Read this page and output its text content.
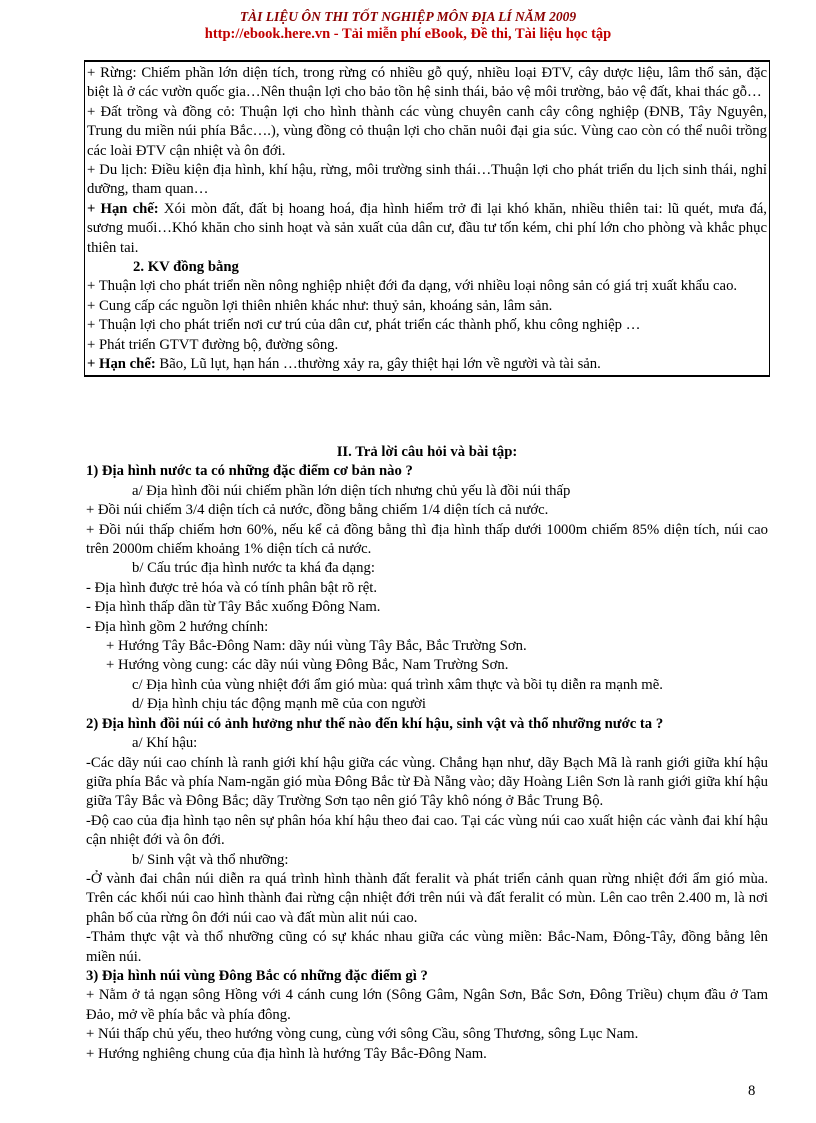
TÀI LIỆU ÔN THI TỐT NGHIỆP MÔN ĐỊA LÍ NĂM 2009
http://ebook.here.vn - Tải miễn phí eBook, Đề thi, Tài liệu học tập

+ Rừng: Chiếm phần lớn diện tích, trong rừng có nhiều gỗ quý, nhiều loại ĐTV, cây dược liệu, lâm thổ sản, đặc biệt là ở các vườn quốc gia…Nên thuận lợi cho bảo tồn hệ sinh thái, bảo vệ môi trường, bảo vệ đất, khai thác gỗ…

+ Đất trồng và đồng cỏ: Thuận lợi cho hình thành các vùng chuyên canh cây công nghiệp (ĐNB, Tây Nguyên, Trung du miền núi phía Bắc….), vùng đồng cỏ thuận lợi cho chăn nuôi đại gia súc. Vùng cao còn có thể nuôi trồng các loài ĐTV cận nhiệt và ôn đới.

+ Du lịch: Điều kiện địa hình, khí hậu, rừng, môi trường sinh thái…Thuận lợi cho phát triển du lịch sinh thái, nghỉ dưỡng, tham quan…

+ Hạn chế: Xói mòn đất, đất bị hoang hoá, địa hình hiểm trở đi lại khó khăn, nhiều thiên tai: lũ quét, mưa đá, sương muối…Khó khăn cho sinh hoạt và sản xuất của dân cư, đầu tư tốn kém, chi phí lớn cho phòng và khắc phục thiên tai.

2. KV đồng bằng

+ Thuận lợi cho phát triển nền nông nghiệp nhiệt đới đa dạng, với nhiều loại nông sản có giá trị xuất khẩu cao.

+ Cung cấp các nguồn lợi thiên nhiên khác như: thuỷ sản, khoáng sản, lâm sản.

+ Thuận lợi cho phát triển nơi cư trú của dân cư, phát triển các thành phố, khu công nghiệp …

+ Phát triển GTVT đường bộ, đường sông.

+ Hạn chế: Bão, Lũ lụt, hạn hán …thường xảy ra, gây thiệt hại lớn về người và tài sản.

II. Trả lời câu hỏi và bài tập:

1) Địa hình nước ta có những đặc điểm cơ bản nào ?

a/ Địa hình đồi núi chiếm phần lớn diện tích nhưng chủ yếu là đồi núi thấp

+ Đồi núi chiếm 3/4 diện tích cả nước, đồng bằng chiếm 1/4 diện tích cả nước.

+ Đồi núi thấp chiếm hơn 60%, nếu kể cả đồng bằng thì địa hình thấp dưới 1000m chiếm 85% diện tích, núi cao trên 2000m chiếm khoảng 1% diện tích cả nước.

b/ Cấu trúc địa hình nước ta khá đa dạng:

- Địa hình được trẻ hóa và có tính phân bật rõ rệt.

- Địa hình thấp dần từ Tây Bắc xuống Đông Nam.

- Địa hình gồm 2 hướng chính:

+ Hướng Tây Bắc-Đông Nam: dãy núi vùng Tây Bắc, Bắc Trường Sơn.

+ Hướng vòng cung: các dãy núi vùng Đông Bắc, Nam Trường Sơn.

c/ Địa hình của vùng nhiệt đới ẩm gió mùa: quá trình xâm thực và bồi tụ diễn ra mạnh mẽ.

d/ Địa hình chịu tác động mạnh mẽ của con người

2) Địa hình đồi núi có ảnh hưởng như thế nào đến khí hậu, sinh vật và thổ nhưỡng nước ta ?

a/ Khí hậu:

-Các dãy núi cao chính là ranh giới khí hậu giữa các vùng. Chẳng hạn như, dãy Bạch Mã là ranh giới giữa khí hậu giữa phía Bắc và phía Nam-ngăn gió mùa Đông Bắc từ Đà Nẵng vào; dãy Hoàng Liên Sơn là ranh giới giữa khí hậu giữa Tây Bắc và Đông Bắc; dãy Trường Sơn tạo nên gió Tây khô nóng ở Bắc Trung Bộ.

-Độ cao của địa hình tạo nên sự phân hóa khí hậu theo đai cao. Tại các vùng núi cao xuất hiện các vành đai khí hậu cận nhiệt đới và ôn đới.

b/ Sinh vật và thổ nhưỡng:

-Ở vành đai chân núi diễn ra quá trình hình thành đất feralit và phát triển cảnh quan rừng nhiệt đới ẩm gió mùa. Trên các khối núi cao hình thành đai rừng cận nhiệt đới trên núi và đất feralit có mùn. Lên cao trên 2.400 m, là nơi phân bố của rừng ôn đới núi cao và đất mùn alit núi cao.

-Thảm thực vật và thổ nhưỡng cũng có sự khác nhau giữa các vùng miền: Bắc-Nam, Đông-Tây, đồng bằng lên miền núi.

3) Địa hình núi vùng Đông Bắc có những đặc điểm gì ?

+ Nằm ở tả ngạn sông Hồng với 4 cánh cung lớn (Sông Gâm, Ngân Sơn, Bắc Sơn, Đông Triều) chụm đầu ở Tam Đảo, mở về phía bắc và phía đông.

+ Núi thấp chủ yếu, theo hướng vòng cung, cùng với sông Cầu, sông Thương, sông Lục Nam.

+ Hướng nghiêng chung của địa hình là hướng Tây Bắc-Đông Nam.

8
